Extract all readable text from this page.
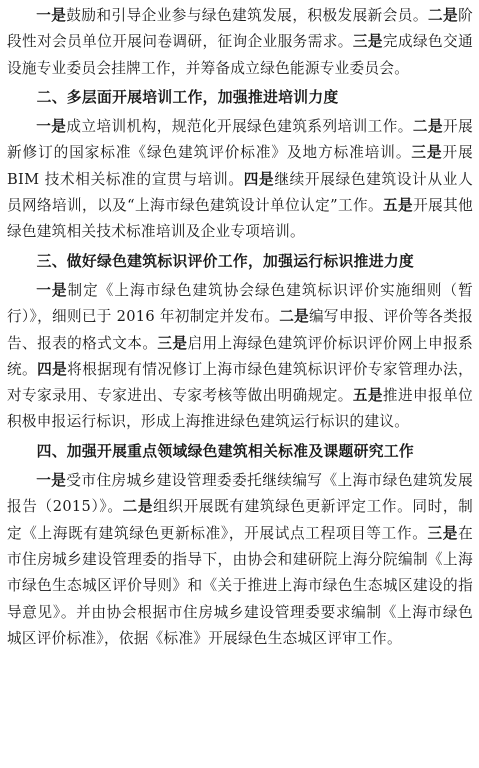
一是鼓励和引导企业参与绿色建筑发展，积极发展新会员。二是阶段性对会员单位开展问卷调研，征询企业服务需求。三是完成绿色交通设施专业委员会挂牌工作，并筹备成立绿色能源专业委员会。

二、多层面开展培训工作，加强推进培训力度

一是成立培训机构，规范化开展绿色建筑系列培训工作。二是开展新修订的国家标准《绿色建筑评价标准》及地方标准培训。三是开展 BIM 技术相关标准的宣贯与培训。四是继续开展绿色建筑设计从业人员网络培训，以及“上海市绿色建筑设计单位认定”工作。五是开展其他绿色建筑相关技术标准培训及企业专项培训。

三、做好绿色建筑标识评价工作，加强运行标识推进力度

一是制定《上海市绿色建筑协会绿色建筑标识评价实施细则（暂行）》，细则已于 2016 年初制定并发布。二是编写申报、评价等各类报告、报表的格式文本。三是启用上海绿色建筑评价标识评价网上申报系统。四是将根据现有情况修订上海市绿色建筑标识评价专家管理办法，对专家录用、专家进出、专家考核等做出明确规定。五是推进申报单位积极申报运行标识，形成上海推进绿色建筑运行标识的建议。

四、加强开展重点领域绿色建筑相关标准及课题研究工作

一是受市住房城乡建设管理委委托继续编写《上海市绿色建筑发展报告（2015）》。二是组织开展既有建筑绿色更新评定工作。同时，制定《上海既有建筑绿色更新标准》，开展试点工程项目等工作。三是在市住房城乡建设管理委的指导下，由协会和建研院上海分院编制《上海市绿色生态城区评价导则》和《关于推进上海市绿色生态城区建设的指导意见》。并由协会根据市住房城乡建设管理委要求编制《上海市绿色城区评价标准》，依据《标准》开展绿色生态城区评审工作。
